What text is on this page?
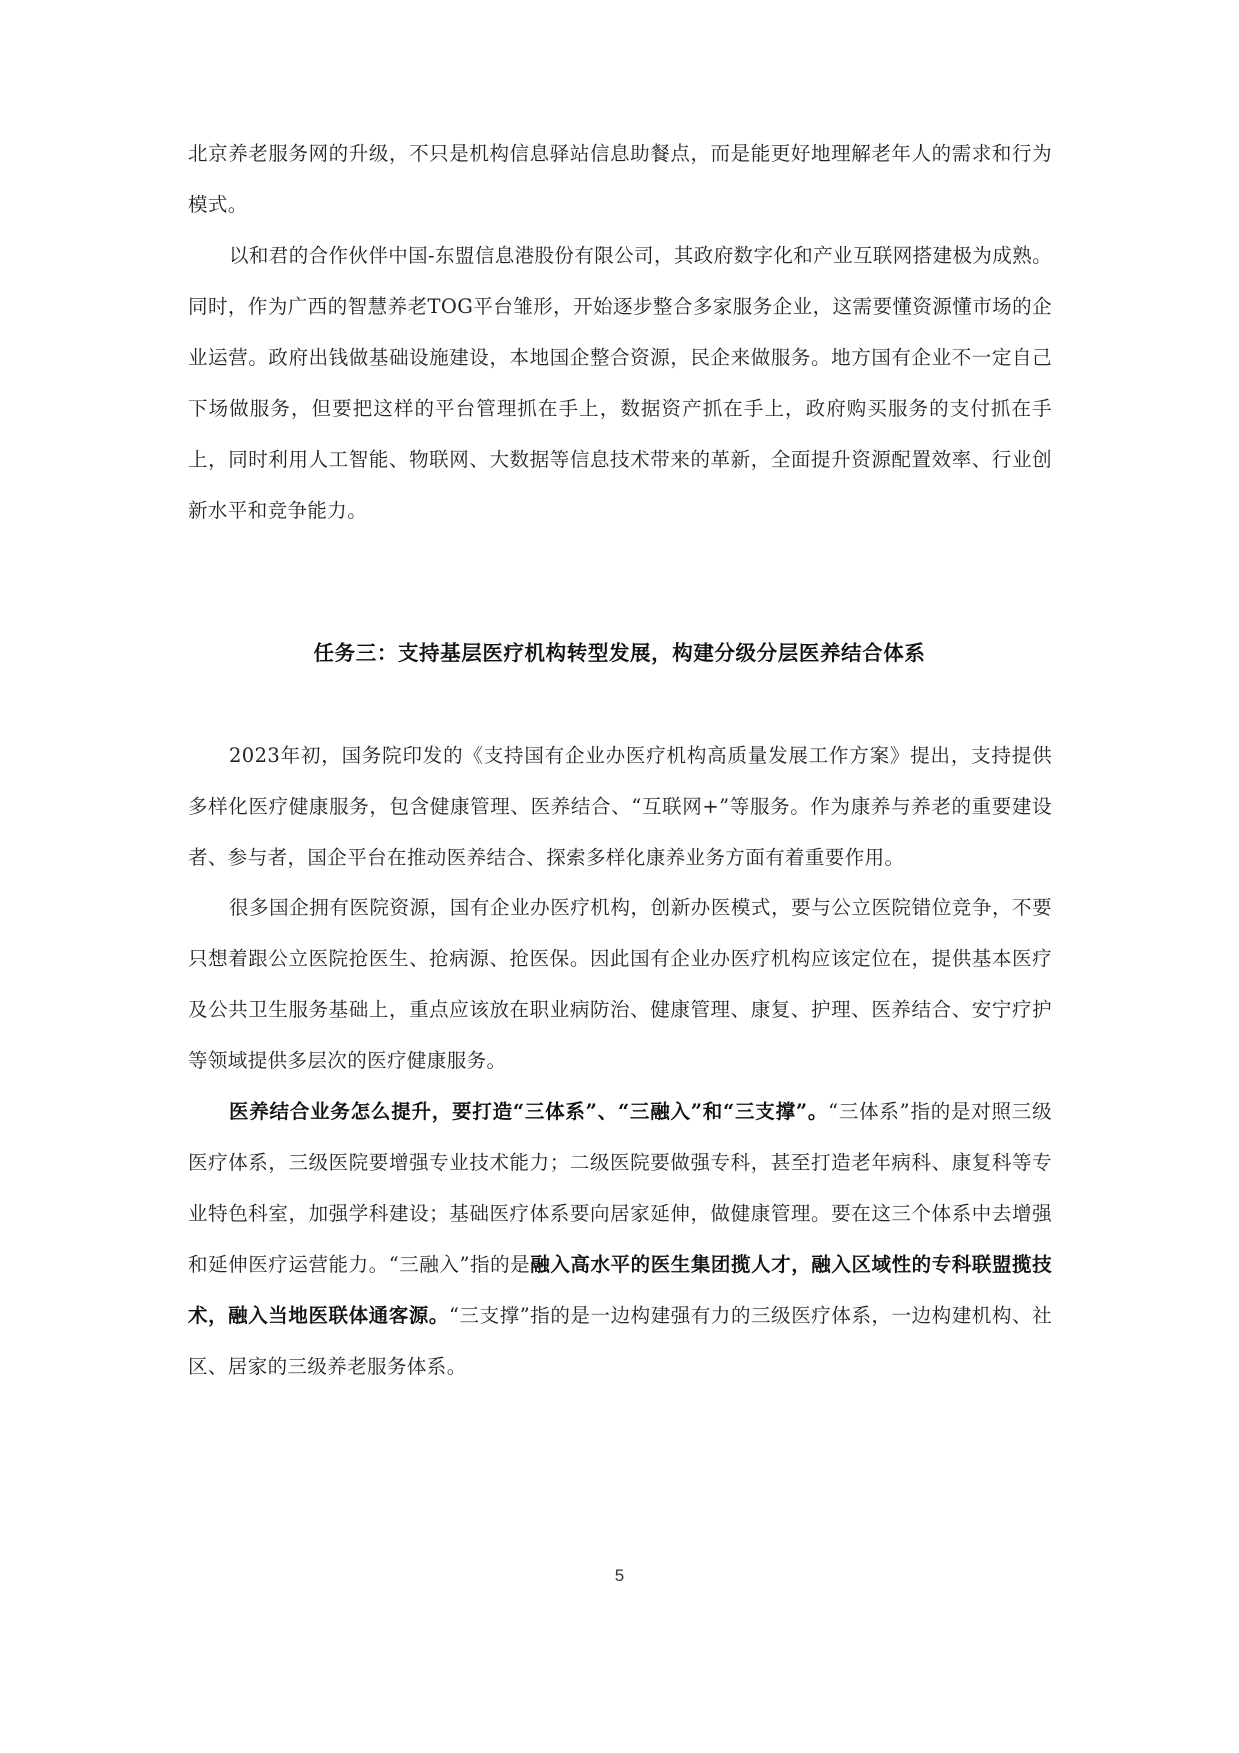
北京养老服务网的升级，不只是机构信息驿站信息助餐点，而是能更好地理解老年人的需求和行为模式。

以和君的合作伙伴中国-东盟信息港股份有限公司，其政府数字化和产业互联网搭建极为成熟。同时，作为广西的智慧养老TOG平台雏形，开始逐步整合多家服务企业，这需要懂资源懂市场的企业运营。政府出钱做基础设施建设，本地国企整合资源，民企来做服务。地方国有企业不一定自己下场做服务，但要把这样的平台管理抓在手上，数据资产抓在手上，政府购买服务的支付抓在手上，同时利用人工智能、物联网、大数据等信息技术带来的革新，全面提升资源配置效率、行业创新水平和竞争能力。

任务三：支持基层医疗机构转型发展，构建分级分层医养结合体系

2023年初，国务院印发的《支持国有企业办医疗机构高质量发展工作方案》提出，支持提供多样化医疗健康服务，包含健康管理、医养结合、“互联网+”等服务。作为康养与养老的重要建设者、参与者，国企平台在推动医养结合、探索多样化康养业务方面有着重要作用。

很多国企拥有医院资源，国有企业办医疗机构，创新办医模式，要与公立医院错位竞争，不要只想着跟公立医院抢医生、抢病源、抢医保。因此国有企业办医疗机构应该定位在，提供基本医疗及公共卫生服务基础上，重点应该放在职业病防治、健康管理、康复、护理、医养结合、安宁疗护等领域提供多层次的医疗健康服务。

医养结合业务怎么提升，要打造“三体系”、“三融入”和“三支撑”。“三体系”指的是对照三级医疗体系，三级医院要增强专业技术能力；二级医院要做强专科，甚至打造老年病科、康复科等专业特色科室，加强学科建设；基础医疗体系要向居家延伸，做健康管理。要在这三个体系中去增强和延伸医疗运营能力。“三融入”指的是融入高水平的医生集团揽人才，融入区域性的专科联盟揽技术，融入当地医联体通客源。“三支撑”指的是一边构建强有力的三级医疗体系，一边构建机构、社区、居家的三级养老服务体系。

5
